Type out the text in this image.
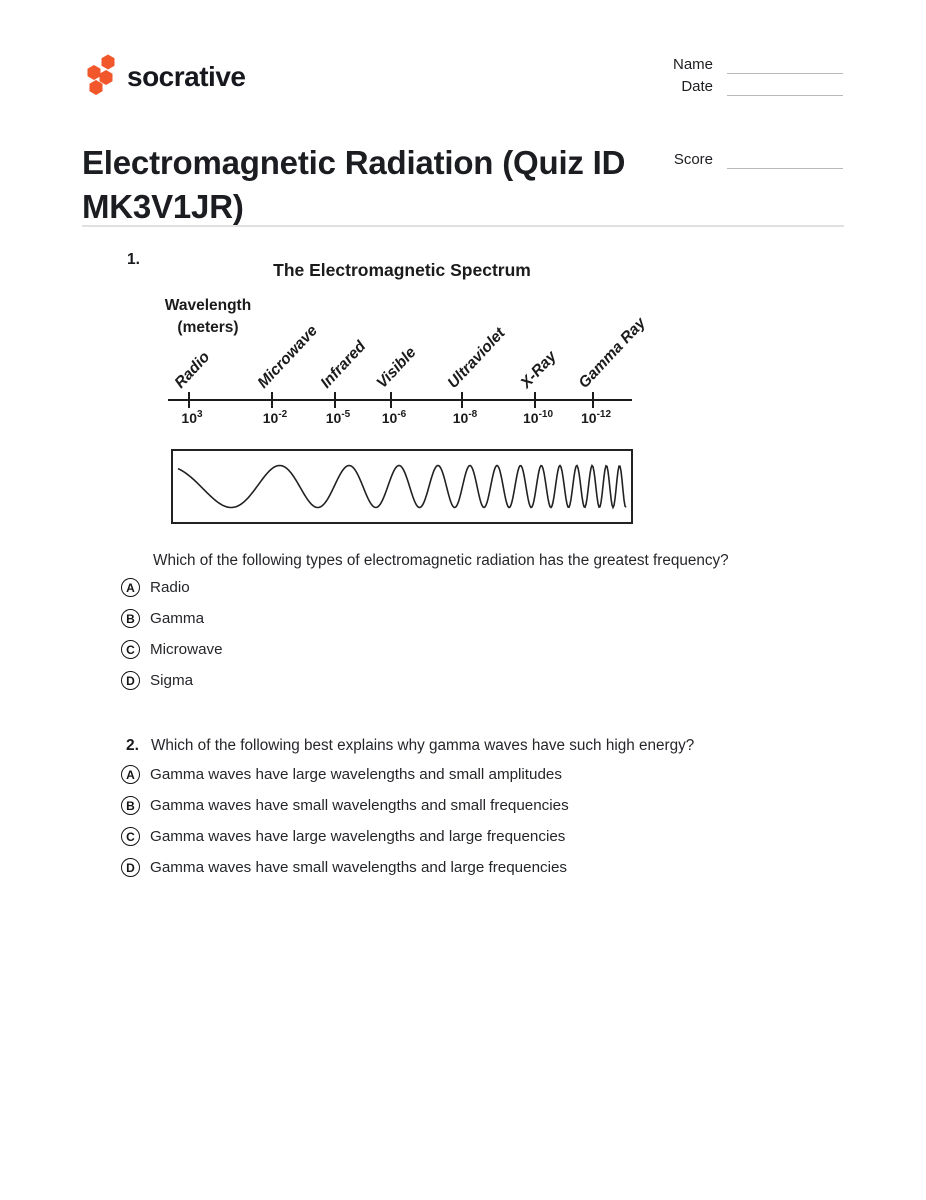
socrative	Name
Date
Electromagnetic Radiation (Quiz ID MK3V1JR)
Score
1.
The Electromagnetic Spectrum
Wavelength
(meters)
Radio
$10^3$
Microwave
$10^{-2}$
Infrared
$10^{-5}$
Visible
$10^{-6}$
Ultraviolet
$10^{-8}$
X-Ray
$10^{-10}$
Gamma Ray
$10^{-12}$
Which of the following types of electromagnetic radiation has the greatest frequency?
A Radio
B Gamma
C Microwave
D Sigma
2. Which of the following best explains why gamma waves have such high energy?
A Gamma waves have large wavelengths and small amplitudes
B Gamma waves have small wavelengths and small frequencies
C Gamma waves have large wavelengths and large frequencies
D Gamma waves have small wavelengths and large frequencies
